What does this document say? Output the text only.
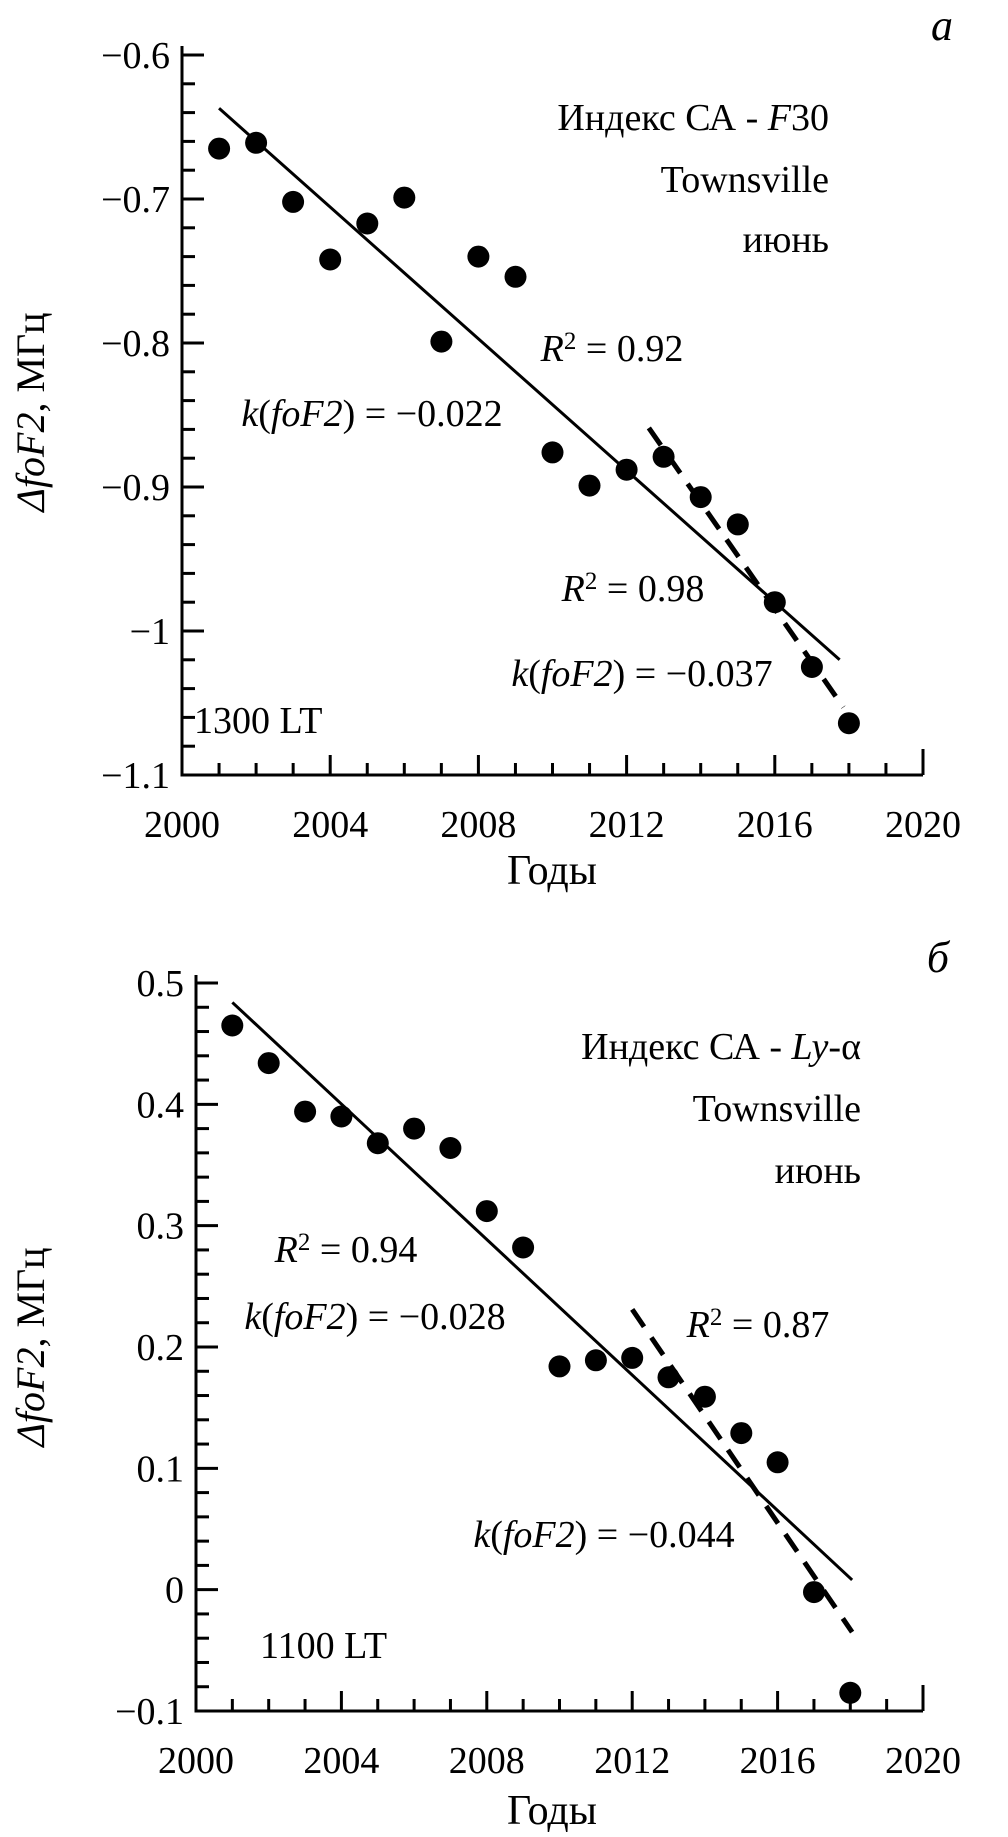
2000 2004 2008 2012 2016 2020
−1.1
−1
−0.9
−0.8
−0.7
−0.6
Индекс СА - F30
Townsville
июнь
$R^2 = 0.92$
k(foF2) = −0.022
$R^2 = 0.98$
k(foF2) = −0.037
1300 LT
а
Годы
ΔfoF2, МГц
2000 2004 2008 2012 2016 2020
−0.1
0
0.1
0.2
0.3
0.4
0.5
Индекс СА - Ly-α
Townsville
июнь
$R^2 = 0.94$
k(foF2) = −0.028	$R^2 = 0.87$
k(foF2) = −0.044
1100 LT
б
Годы
ΔfoF2, МГц
